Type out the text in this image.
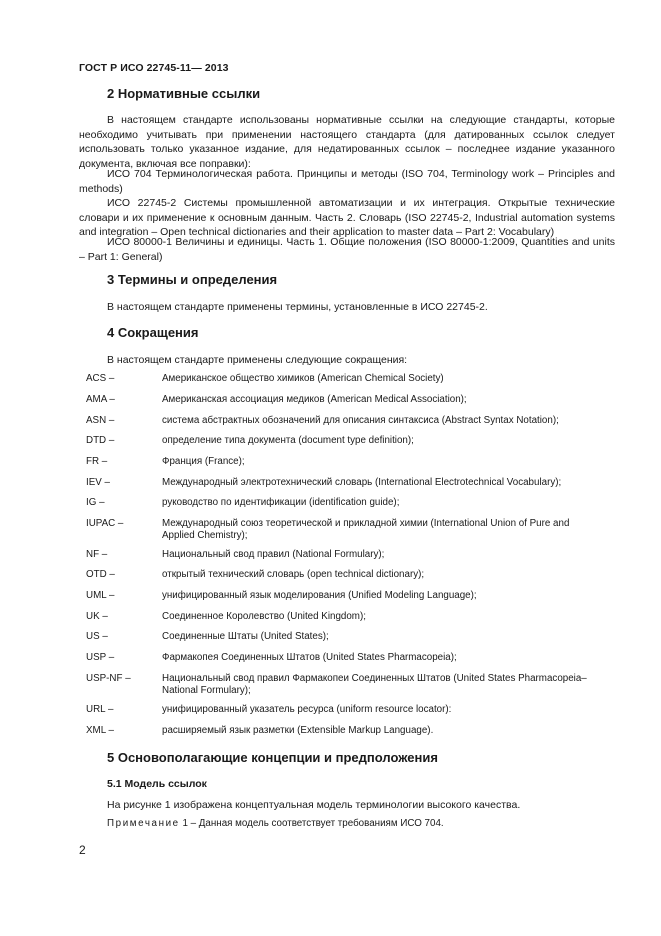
ГОСТ Р ИСО 22745-11— 2013
2 Нормативные ссылки

В настоящем стандарте использованы нормативные ссылки на следующие стандарты, которые необходимо учитывать при применении настоящего стандарта (для датированных ссылок следует использовать только указанное издание, для недатированных ссылок – последнее издание указанного документа, включая все поправки):

ИСО 704 Терминологическая работа. Принципы и методы (ISO 704, Terminology work – Principles and methods)

ИСО 22745-2 Системы промышленной автоматизации и их интеграция. Открытые технические словари и их применение к основным данным. Часть 2. Словарь (ISO 22745-2, Industrial automation systems and integration – Open technical dictionaries and their application to master data – Part 2: Vocabulary)

ИСО 80000-1 Величины и единицы. Часть 1. Общие положения (ISO 80000-1:2009, Quantities and units – Part 1: General)

3 Термины и определения

В настоящем стандарте применены термины, установленные в ИСО 22745-2.

4 Сокращения

В настоящем стандарте применены следующие сокращения:

ACS –	Американское общество химиков (American Chemical Society)
AMA –	Американская ассоциация медиков (American Medical Association);
ASN –	система абстрактных обозначений для описания синтаксиса (Abstract Syntax Notation);
DTD –	определение типа документа (document type definition);
FR –	Франция (France);
IEV –	Международный электротехнический словарь (International Electrotechnical Vocabulary);
IG –	руководство по идентификации (identification guide);
IUPAC –	Международный союз теоретической и прикладной химии (International Union of Pure and Applied Chemistry);
NF –	Национальный свод правил (National Formulary);
OTD –	открытый технический словарь (open technical dictionary);
UML –	унифицированный язык моделирования (Unified Modeling Language);
UK –	Соединенное Королевство (United Kingdom);
US –	Соединенные Штаты (United States);
USP –	Фармакопея Соединенных Штатов (United States Pharmacopeia);
USP-NF –	Национальный свод правил Фармакопеи Соединенных Штатов (United States Pharmacopeia– National Formulary);
URL –	унифицированный указатель ресурса (uniform resource locator):
XML –	расширяемый язык разметки (Extensible Markup Language).
5 Основополагающие концепции и предположения
5.1 Модель ссылок

На рисунке 1 изображена концептуальная модель терминологии высокого качества.

Примечание 1 – Данная модель соответствует требованиям ИСО 704.
2
